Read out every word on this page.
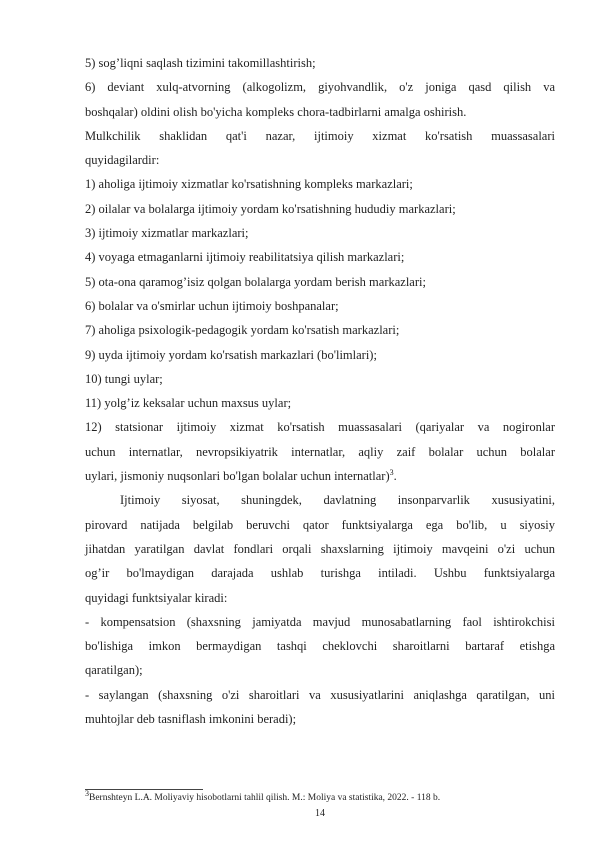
5) sog’liqni saqlash tizimini takomillashtirish;
6) deviant xulq-atvorning (alkogolizm, giyohvandlik, o'z joniga qasd qilish va
boshqalar) oldini olish bo'yicha kompleks chora-tadbirlarni amalga oshirish.
Mulkchilik shaklidan qat'i nazar, ijtimoiy xizmat ko'rsatish muassasalari
quyidagilardir:
1) aholiga ijtimoiy xizmatlar ko'rsatishning kompleks markazlari;
2) oilalar va bolalarga ijtimoiy yordam ko'rsatishning hududiy markazlari;
3) ijtimoiy xizmatlar markazlari;
4) voyaga etmaganlarni ijtimoiy reabilitatsiya qilish markazlari;
5) ota-ona qaramog’isiz qolgan bolalarga yordam berish markazlari;
6) bolalar va o'smirlar uchun ijtimoiy boshpanalar;
7) aholiga psixologik-pedagogik yordam ko'rsatish markazlari;
9) uyda ijtimoiy yordam ko'rsatish markazlari (bo'limlari);
10) tungi uylar;
11) yolg’iz keksalar uchun maxsus uylar;
12) statsionar ijtimoiy xizmat ko'rsatish muassasalari (qariyalar va nogironlar
uchun internatlar, nevropsikiyatrik internatlar, aqliy zaif bolalar uchun bolalar
uylari, jismoniy nuqsonlari bo'lgan bolalar uchun internatlar)$^3$.
Ijtimoiy siyosat, shuningdek, davlatning insonparvarlik xususiyatini,
pirovard natijada belgilab beruvchi qator funktsiyalarga ega bo'lib, u siyosiy
jihatdan yaratilgan davlat fondlari orqali shaxslarning ijtimoiy mavqeini o'zi uchun
og’ir bo'lmaydigan darajada ushlab turishga intiladi. Ushbu funktsiyalarga
quyidagi funktsiyalar kiradi:
- kompensatsion (shaxsning jamiyatda mavjud munosabatlarning faol ishtirokchisi
bo'lishiga imkon bermaydigan tashqi cheklovchi sharoitlarni bartaraf etishga
qaratilgan);
- saylangan (shaxsning o'zi sharoitlari va xususiyatlarini aniqlashga qaratilgan, uni
muhtojlar deb tasniflash imkonini beradi);
$^3$Bernshteyn L.A. Moliyaviy hisobotlarni tahlil qilish. M.: Moliya va statistika, 2022. - 118 b.
14
